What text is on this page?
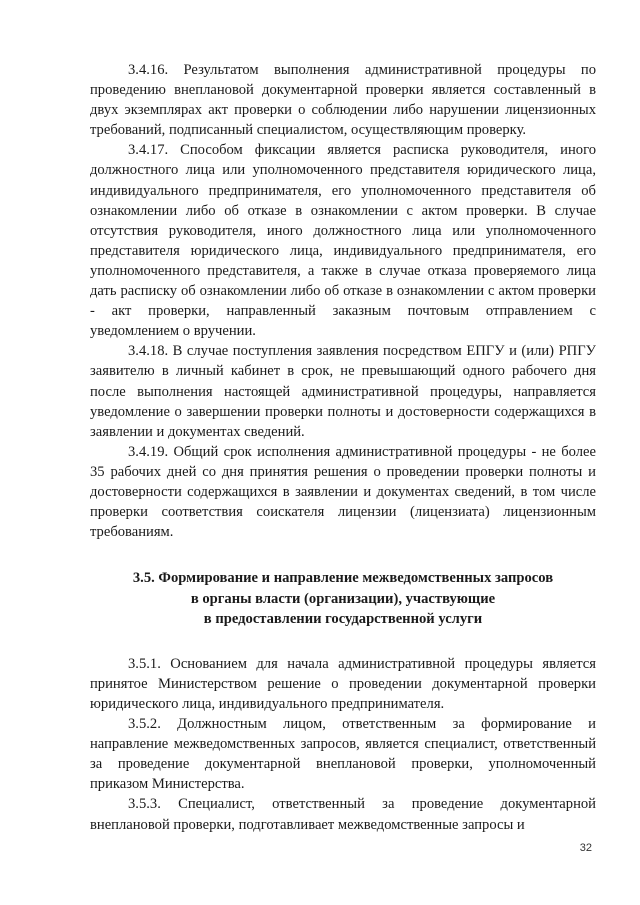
3.4.16. Результатом выполнения административной процедуры по проведению внеплановой документарной проверки является составленный в двух экземплярах акт проверки о соблюдении либо нарушении лицензионных требований, подписанный специалистом, осуществляющим проверку.

3.4.17. Способом фиксации является расписка руководителя, иного должностного лица или уполномоченного представителя юридического лица, индивидуального предпринимателя, его уполномоченного представителя об ознакомлении либо об отказе в ознакомлении с актом проверки. В случае отсутствия руководителя, иного должностного лица или уполномоченного представителя юридического лица, индивидуального предпринимателя, его уполномоченного представителя, а также в случае отказа проверяемого лица дать расписку об ознакомлении либо об отказе в ознакомлении с актом проверки - акт проверки, направленный заказным почтовым отправлением с уведомлением о вручении.

3.4.18. В случае поступления заявления посредством ЕПГУ и (или) РПГУ заявителю в личный кабинет в срок, не превышающий одного рабочего дня после выполнения настоящей административной процедуры, направляется уведомление о завершении проверки полноты и достоверности содержащихся в заявлении и документах сведений.

3.4.19. Общий срок исполнения административной процедуры - не более 35 рабочих дней со дня принятия решения о проведении проверки полноты и достоверности содержащихся в заявлении и документах сведений, в том числе проверки соответствия соискателя лицензии (лицензиата) лицензионным требованиям.

3.5. Формирование и направление межведомственных запросов
в органы власти (организации), участвующие
в предоставлении государственной услуги

3.5.1. Основанием для начала административной процедуры является принятое Министерством решение о проведении документарной проверки юридического лица, индивидуального предпринимателя.

3.5.2. Должностным лицом, ответственным за формирование и направление межведомственных запросов, является специалист, ответственный за проведение документарной внеплановой проверки, уполномоченный приказом Министерства.

3.5.3. Специалист, ответственный за проведение документарной внеплановой проверки, подготавливает межведомственные запросы и

32
